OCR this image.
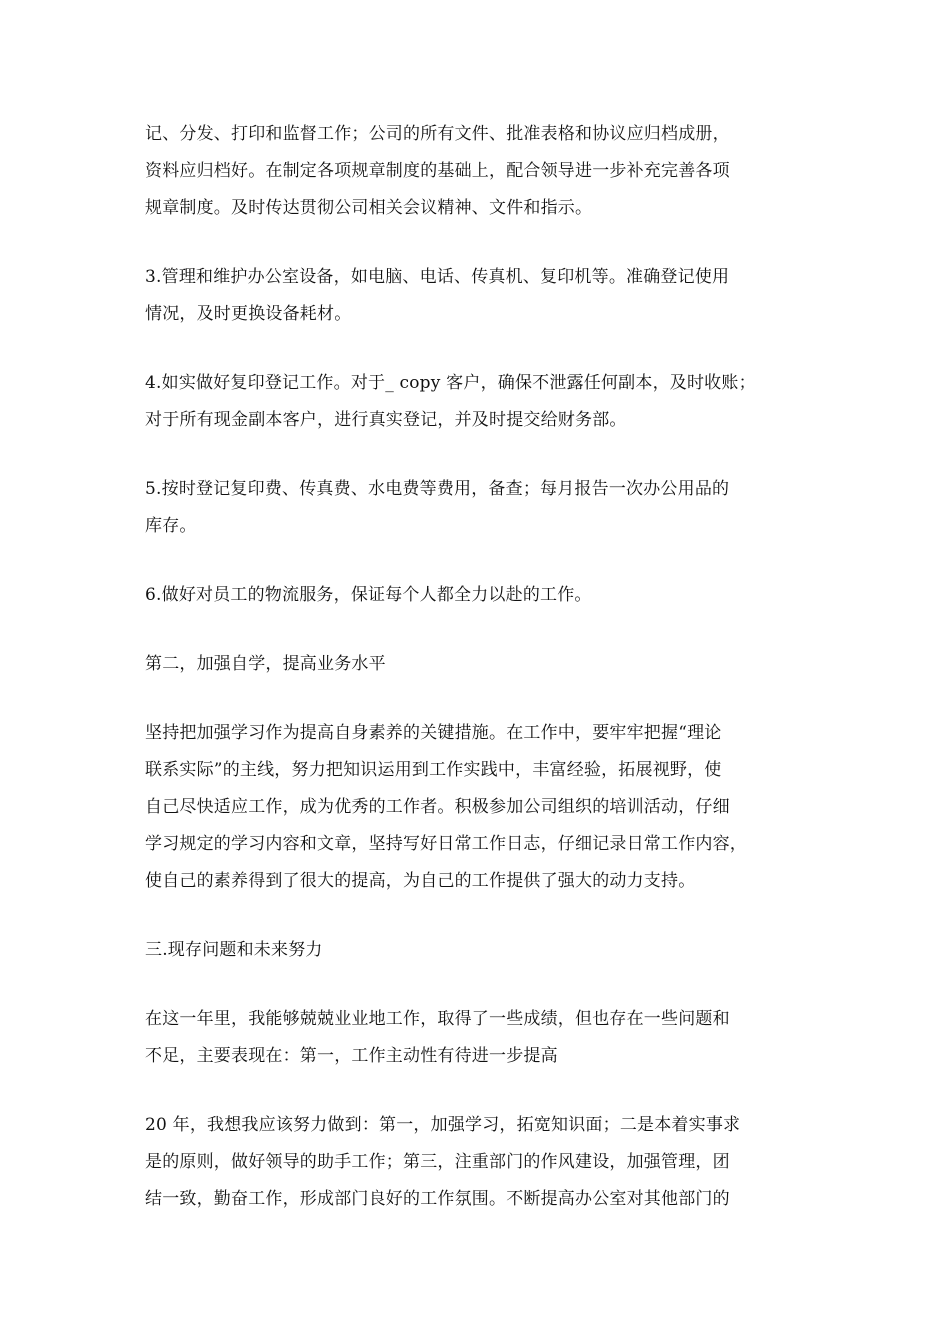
记、分发、打印和监督工作；公司的所有文件、批准表格和协议应归档成册，
资料应归档好。在制定各项规章制度的基础上，配合领导进一步补充完善各项
规章制度。及时传达贯彻公司相关会议精神、文件和指示。

3.管理和维护办公室设备，如电脑、电话、传真机、复印机等。准确登记使用
情况，及时更换设备耗材。

4.如实做好复印登记工作。对于_ copy 客户，确保不泄露任何副本，及时收账；
对于所有现金副本客户，进行真实登记，并及时提交给财务部。

5.按时登记复印费、传真费、水电费等费用，备查；每月报告一次办公用品的
库存。

6.做好对员工的物流服务，保证每个人都全力以赴的工作。

第二，加强自学，提高业务水平

坚持把加强学习作为提高自身素养的关键措施。在工作中，要牢牢把握“理论
联系实际”的主线，努力把知识运用到工作实践中，丰富经验，拓展视野，使
自己尽快适应工作，成为优秀的工作者。积极参加公司组织的培训活动，仔细
学习规定的学习内容和文章，坚持写好日常工作日志，仔细记录日常工作内容，
使自己的素养得到了很大的提高，为自己的工作提供了强大的动力支持。

三.现存问题和未来努力

在这一年里，我能够兢兢业业地工作，取得了一些成绩，但也存在一些问题和
不足，主要表现在：第一，工作主动性有待进一步提高

20 年，我想我应该努力做到：第一，加强学习，拓宽知识面；二是本着实事求
是的原则，做好领导的助手工作；第三，注重部门的作风建设，加强管理，团
结一致，勤奋工作，形成部门良好的工作氛围。不断提高办公室对其他部门的
